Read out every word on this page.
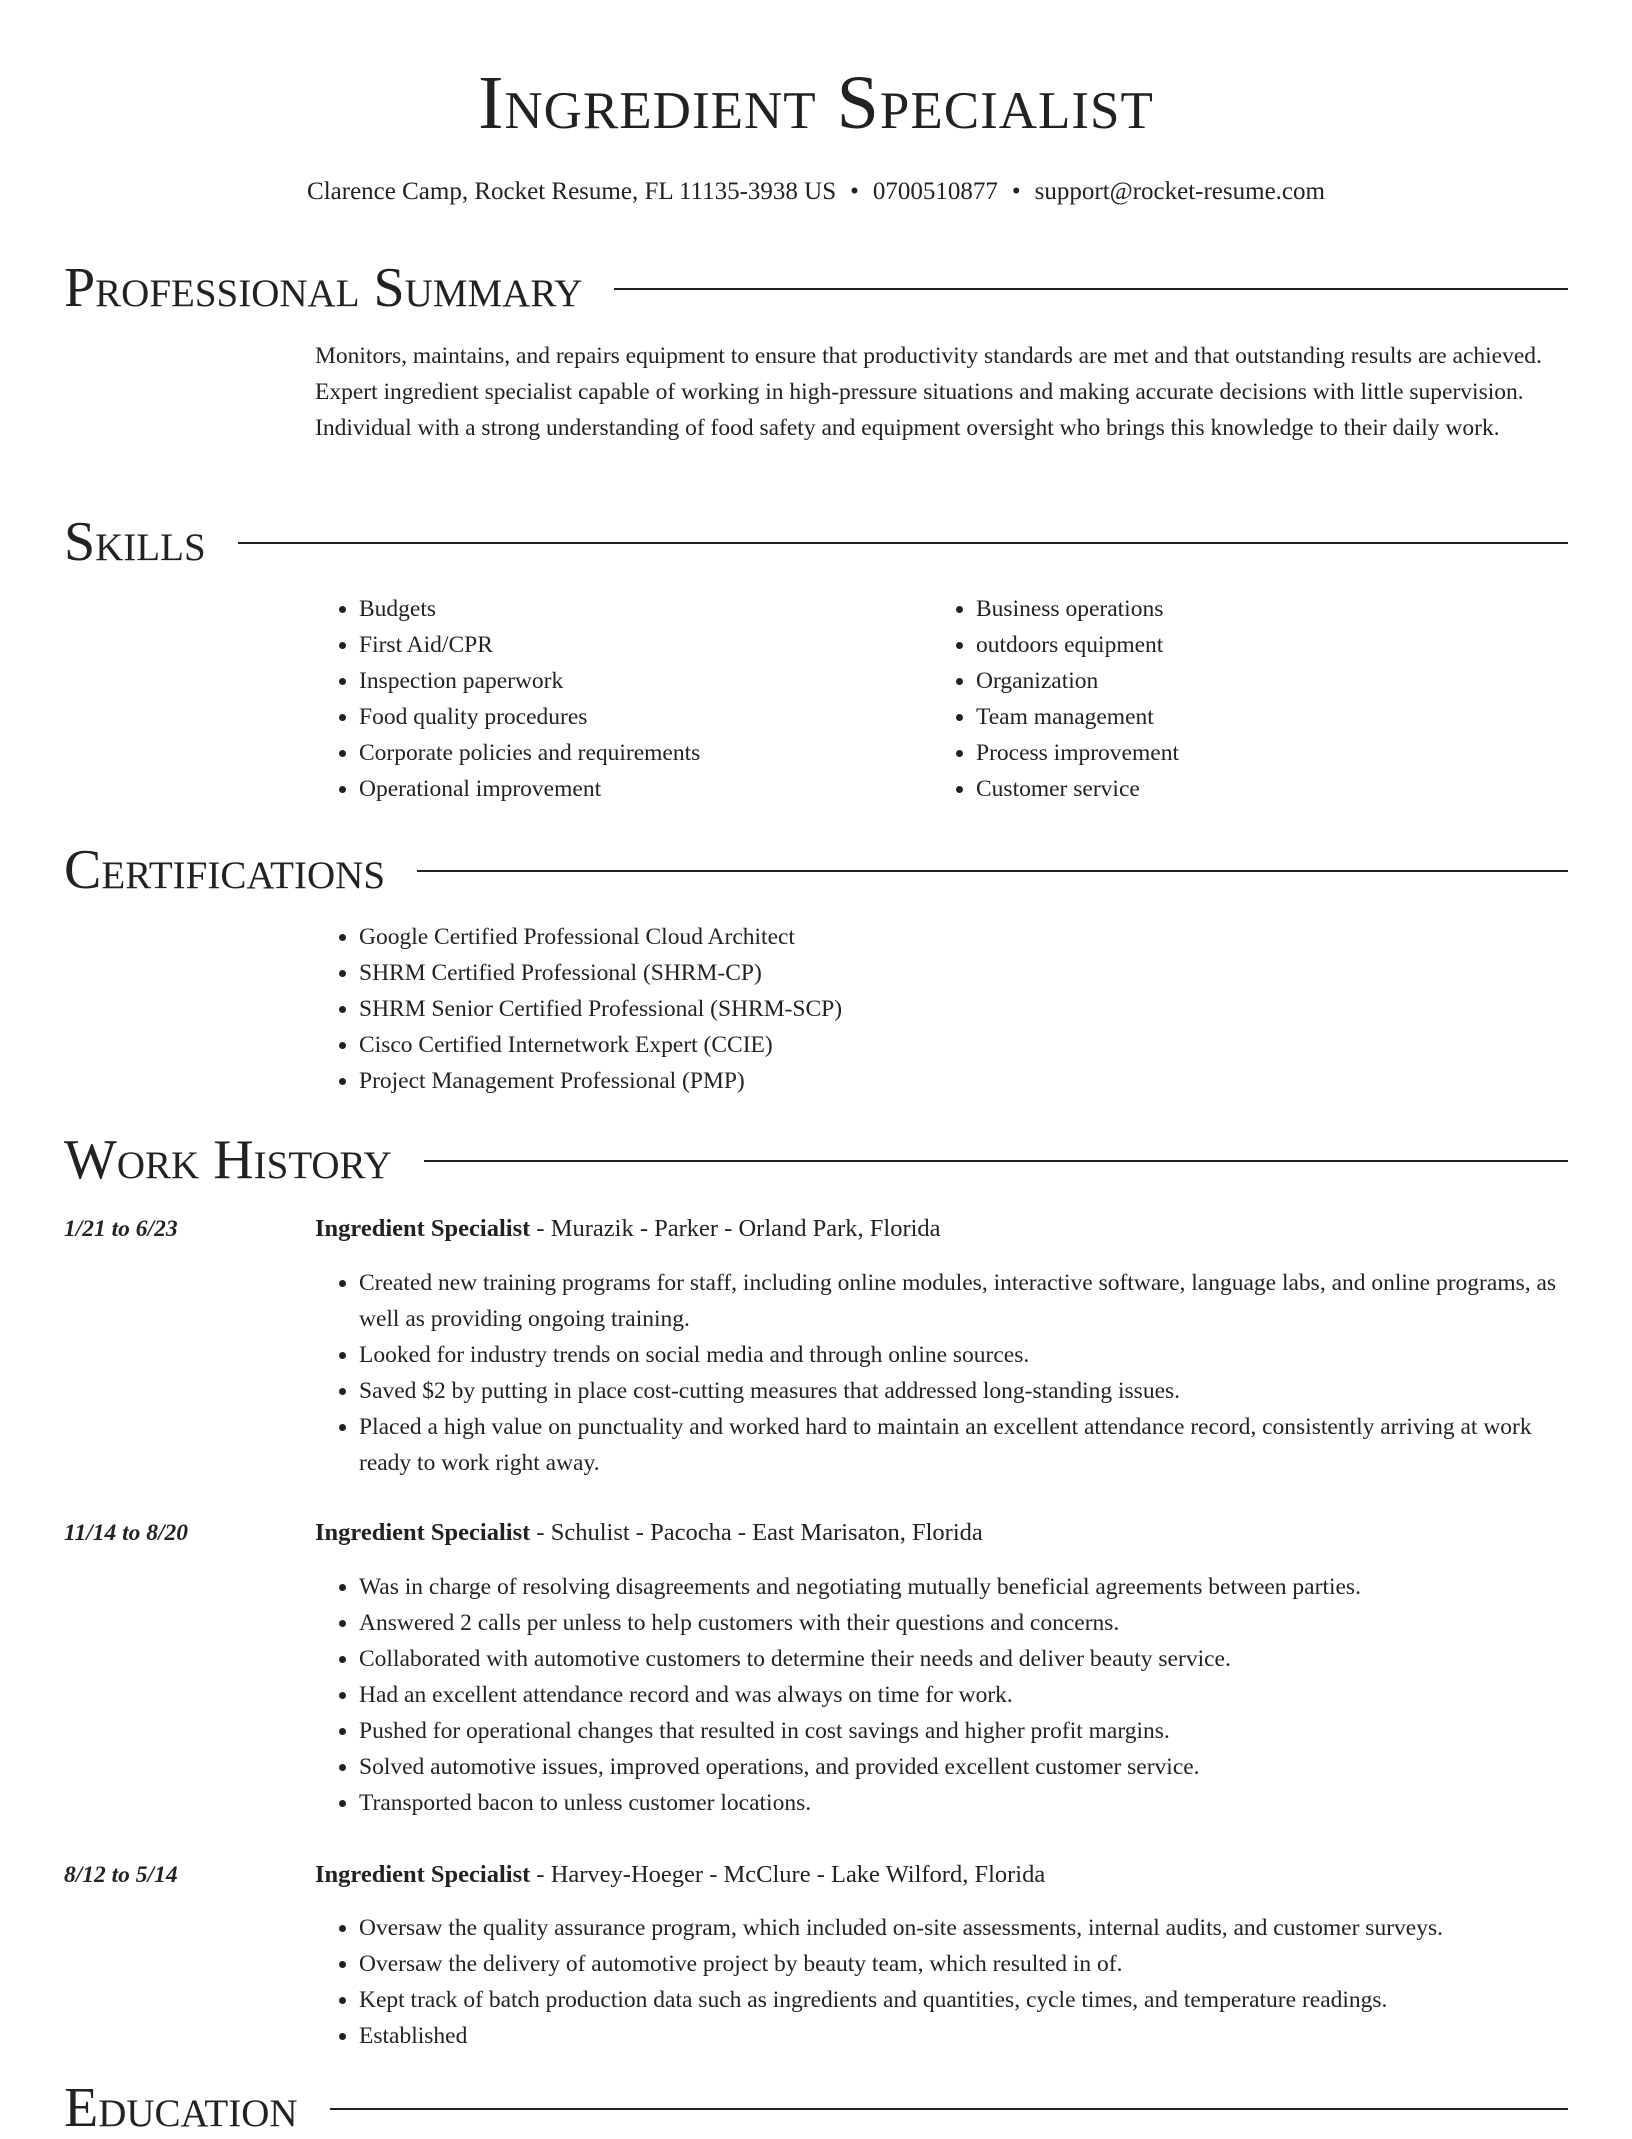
Ingredient Specialist
Clarence Camp, Rocket Resume, FL 11135-3938 US • 0700510877 • support@rocket-resume.com
Professional Summary
Monitors, maintains, and repairs equipment to ensure that productivity standards are met and that outstanding results are achieved. Expert ingredient specialist capable of working in high-pressure situations and making accurate decisions with little supervision. Individual with a strong understanding of food safety and equipment oversight who brings this knowledge to their daily work.
Skills
• Budgets
• First Aid/CPR
• Inspection paperwork
• Food quality procedures
• Corporate policies and requirements
• Operational improvement
• Business operations
• outdoors equipment
• Organization
• Team management
• Process improvement
• Customer service
Certifications
• Google Certified Professional Cloud Architect
• SHRM Certified Professional (SHRM-CP)
• SHRM Senior Certified Professional (SHRM-SCP)
• Cisco Certified Internetwork Expert (CCIE)
• Project Management Professional (PMP)
Work History
1/21 to 6/23	Ingredient Specialist - Murazik - Parker - Orland Park, Florida
• Created new training programs for staff, including online modules, interactive software, language labs, and online programs, as well as providing ongoing training.
• Looked for industry trends on social media and through online sources.
• Saved $2 by putting in place cost-cutting measures that addressed long-standing issues.
• Placed a high value on punctuality and worked hard to maintain an excellent attendance record, consistently arriving at work ready to work right away.
11/14 to 8/20	Ingredient Specialist - Schulist - Pacocha - East Marisaton, Florida
• Was in charge of resolving disagreements and negotiating mutually beneficial agreements between parties.
• Answered 2 calls per unless to help customers with their questions and concerns.
• Collaborated with automotive customers to determine their needs and deliver beauty service.
• Had an excellent attendance record and was always on time for work.
• Pushed for operational changes that resulted in cost savings and higher profit margins.
• Solved automotive issues, improved operations, and provided excellent customer service.
• Transported bacon to unless customer locations.
8/12 to 5/14	Ingredient Specialist - Harvey-Hoeger - McClure - Lake Wilford, Florida
• Oversaw the quality assurance program, which included on-site assessments, internal audits, and customer surveys.
• Oversaw the delivery of automotive project by beauty team, which resulted in of.
• Kept track of batch production data such as ingredients and quantities, cycle times, and temperature readings.
• Established
Education
